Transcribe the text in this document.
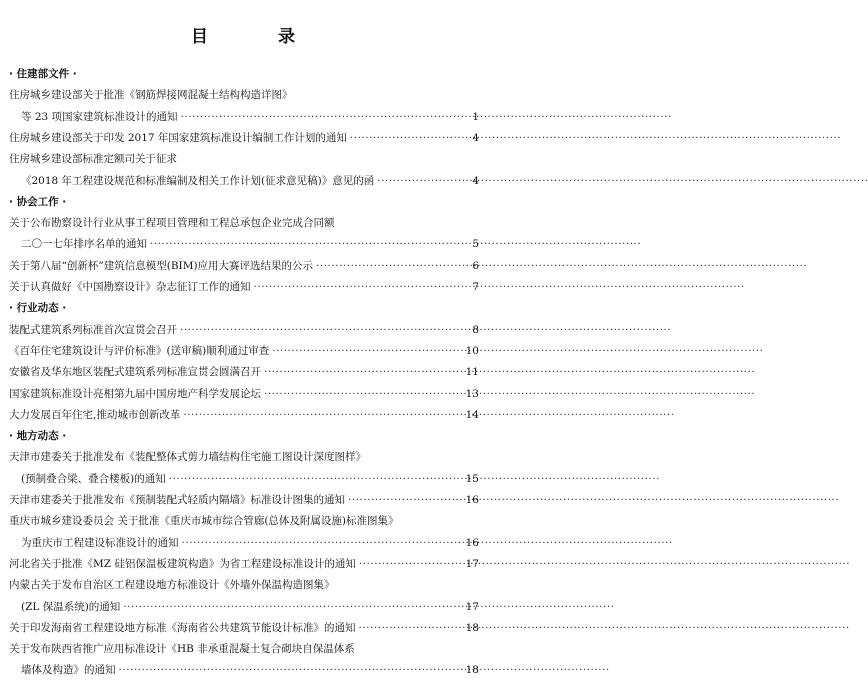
目 录
· 住建部文件 ·
住房城乡建设部关于批准《钢筋焊接网混凝土结构构造详图》
等 23 项国家建筑标准设计的通知 ·····	1
住房城乡建设部关于印发 2017 年国家建筑标准设计编制工作计划的通知 ·····	4
住房城乡建设部标准定额司关于征求
《2018 年工程建设规范和标准编制及相关工作计划(征求意见稿)》意见的函 ·····	4
· 协会工作 ·
关于公布勘察设计行业从事工程项目管理和工程总承包企业完成合同额
二〇一七年排序名单的通知 ·····	5
关于第八届“创新杯”建筑信息模型(BIM)应用大赛评选结果的公示 ·····	6
关于认真做好《中国勘察设计》杂志征订工作的通知 ·····	7
· 行业动态 ·
装配式建筑系列标准首次宣贯会召开 ·····	8
《百年住宅建筑设计与评价标准》(送审稿)顺利通过审查 ·····	10
安徽省及华东地区装配式建筑系列标准宣贯会圆满召开 ·····	11
国家建筑标准设计亮相第九届中国房地产科学发展论坛 ·····	13
大力发展百年住宅,推动城市创新改革 ·····	14
· 地方动态 ·
天津市建委关于批准发布《装配整体式剪力墙结构住宅施工图设计深度图样》
(预制叠合梁、叠合楼板)的通知 ·····	15
天津市建委关于批准发布《预制装配式轻质内隔墙》标准设计图集的通知 ·····	16
重庆市城乡建设委员会 关于批准《重庆市城市综合管廊(总体及附属设施)标准图集》
为重庆市工程建设标准设计的通知 ·····	16
河北省关于批准《MZ 硅铝保温板建筑构造》为省工程建设标准设计的通知 ·····	17
内蒙古关于发布自治区工程建设地方标准设计《外墙外保温构造图集》
(ZL 保温系统)的通知 ·····	17
关于印发海南省工程建设地方标准《海南省公共建筑节能设计标准》的通知 ·····	18
关于发布陕西省推广应用标准设计《HB 非承重混凝土复合砌块自保温体系
墙体及构造》的通知 ·····	18
